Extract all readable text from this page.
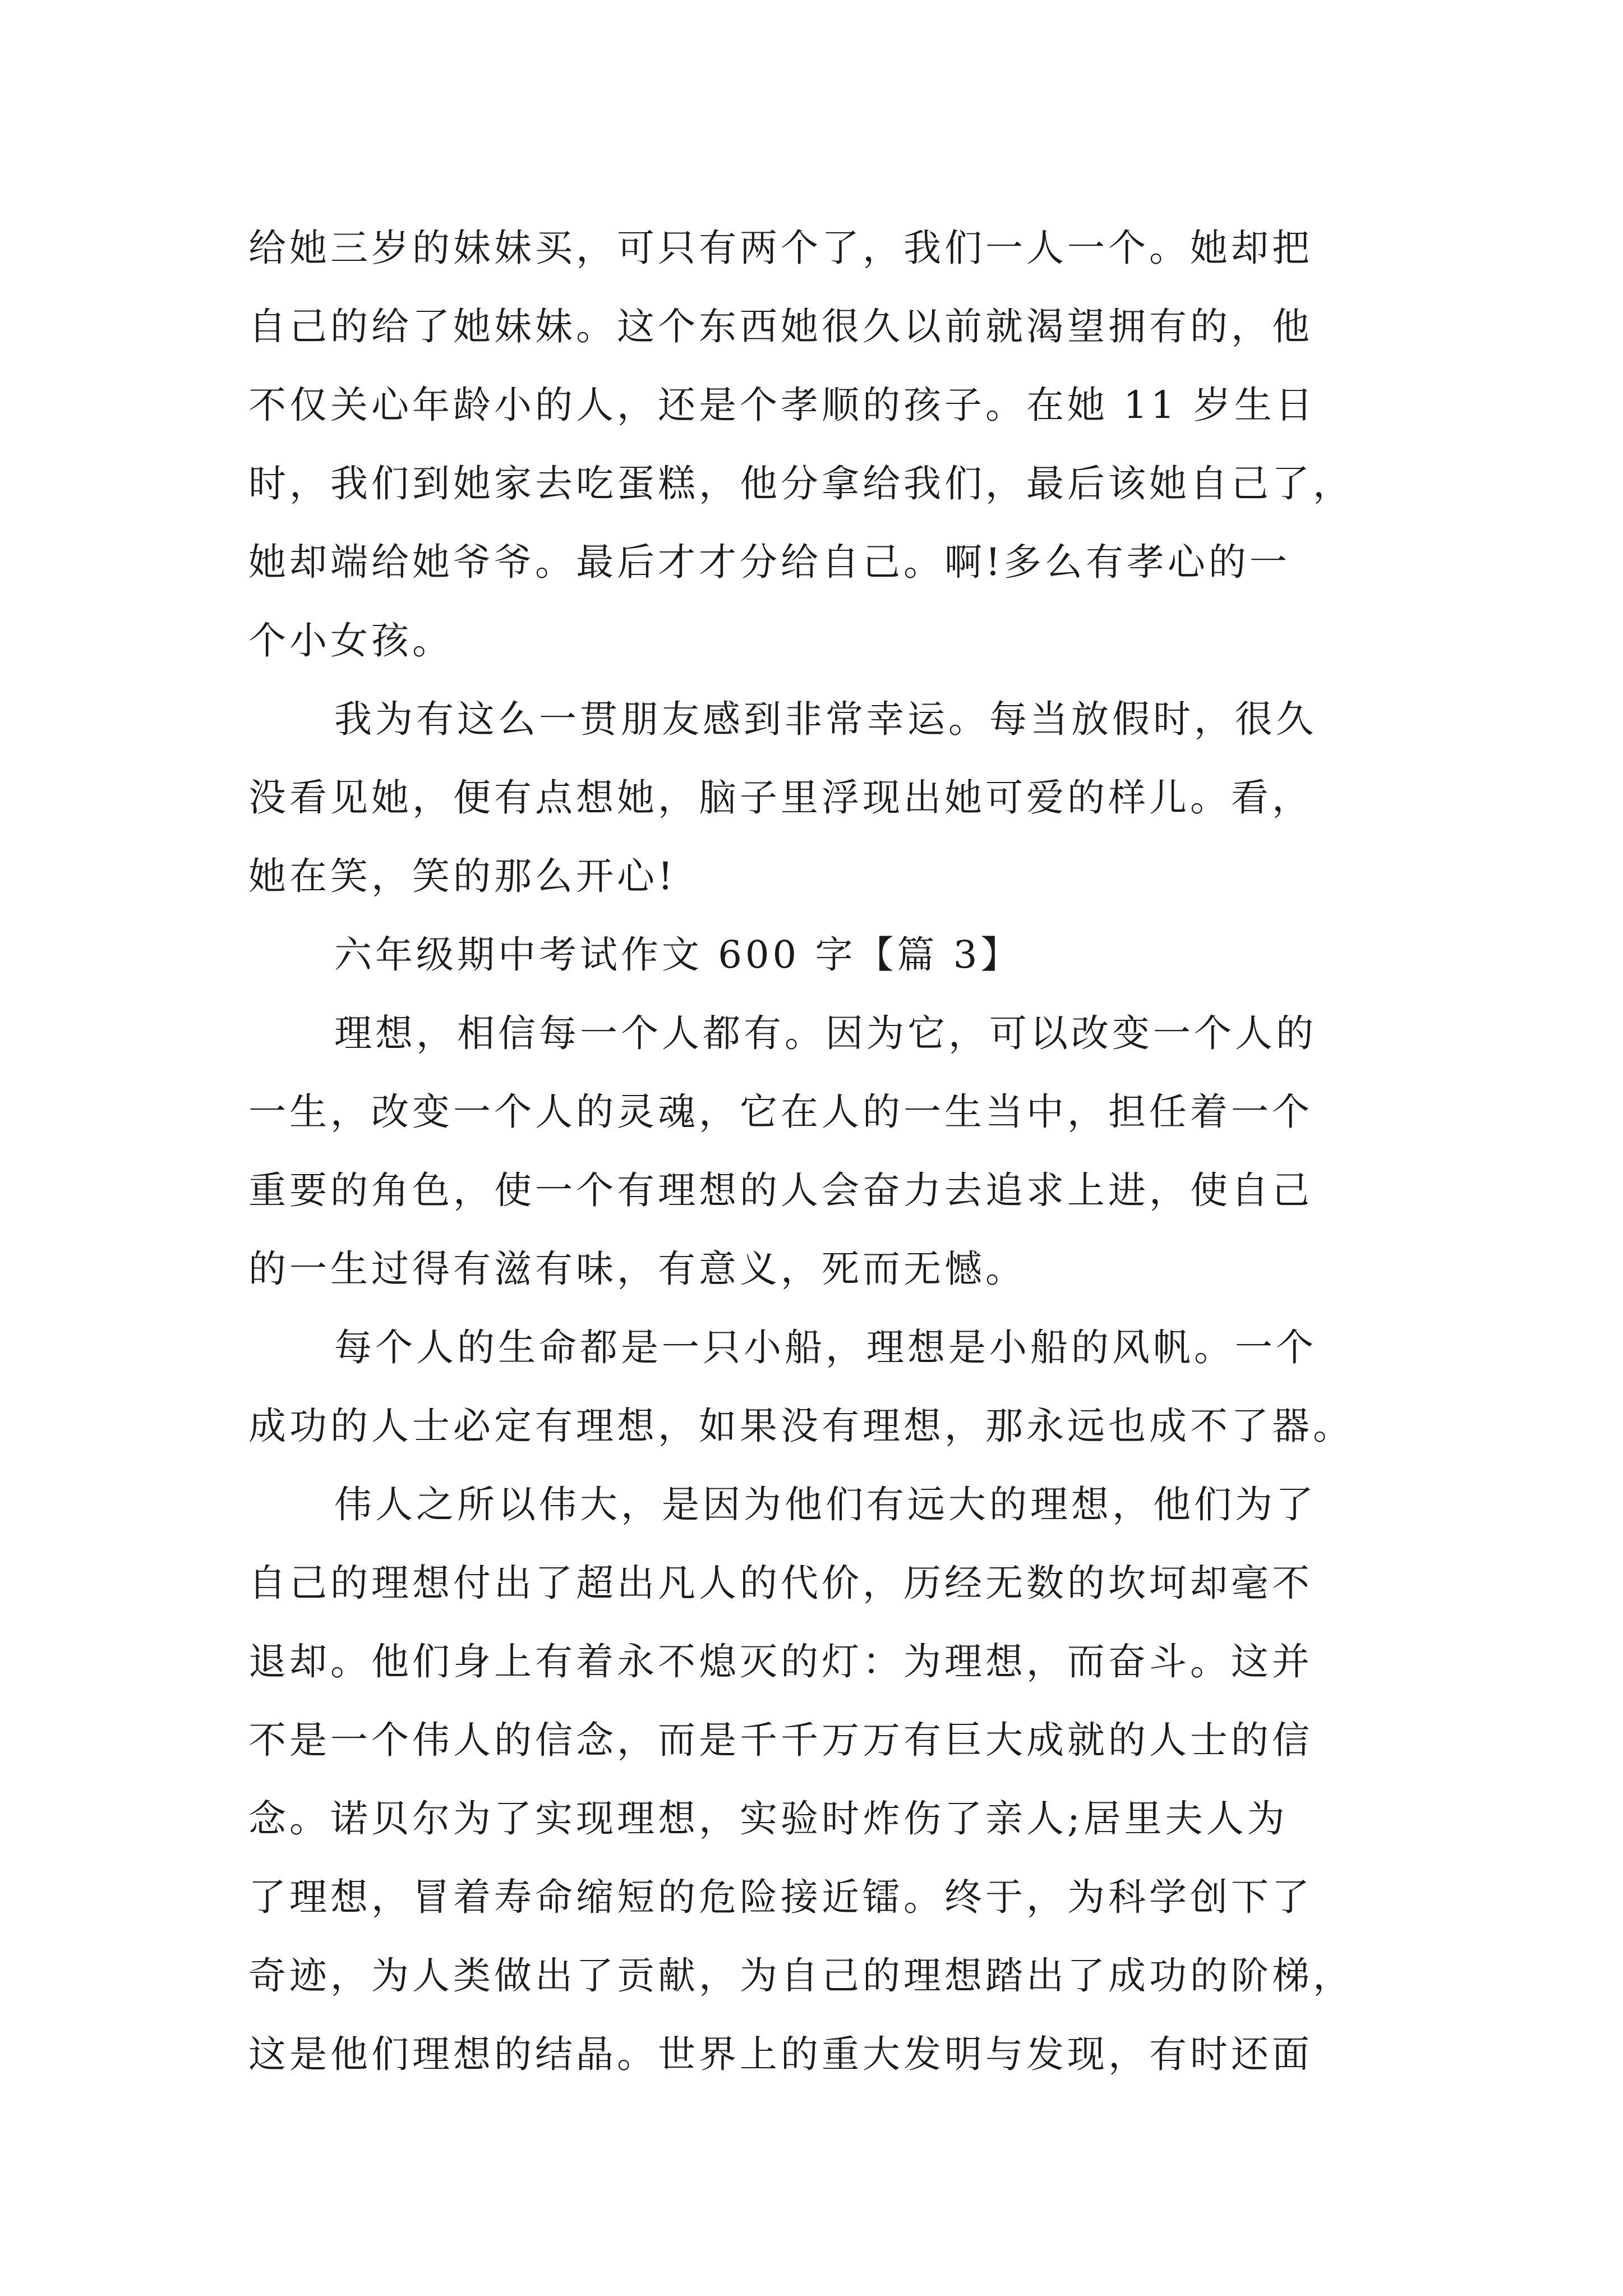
给她三岁的妹妹买，可只有两个了，我们一人一个。她却把
自己的给了她妹妹。这个东西她很久以前就渴望拥有的，他
不仅关心年龄小的人，还是个孝顺的孩子。在她 11 岁生日
时，我们到她家去吃蛋糕，他分拿给我们，最后该她自己了，
她却端给她爷爷。最后才才分给自己。啊!多么有孝心的一
个小女孩。
我为有这么一贯朋友感到非常幸运。每当放假时，很久
没看见她，便有点想她，脑子里浮现出她可爱的样儿。看，
她在笑，笑的那么开心!
六年级期中考试作文 600 字【篇 3】
理想，相信每一个人都有。因为它，可以改变一个人的
一生，改变一个人的灵魂，它在人的一生当中，担任着一个
重要的角色，使一个有理想的人会奋力去追求上进，使自己
的一生过得有滋有味，有意义，死而无憾。
每个人的生命都是一只小船，理想是小船的风帆。一个
成功的人士必定有理想，如果没有理想，那永远也成不了器。
伟人之所以伟大，是因为他们有远大的理想，他们为了
自己的理想付出了超出凡人的代价，历经无数的坎坷却毫不
退却。他们身上有着永不熄灭的灯：为理想，而奋斗。这并
不是一个伟人的信念，而是千千万万有巨大成就的人士的信
念。诺贝尔为了实现理想，实验时炸伤了亲人;居里夫人为
了理想，冒着寿命缩短的危险接近镭。终于，为科学创下了
奇迹，为人类做出了贡献，为自己的理想踏出了成功的阶梯，
这是他们理想的结晶。世界上的重大发明与发现，有时还面
